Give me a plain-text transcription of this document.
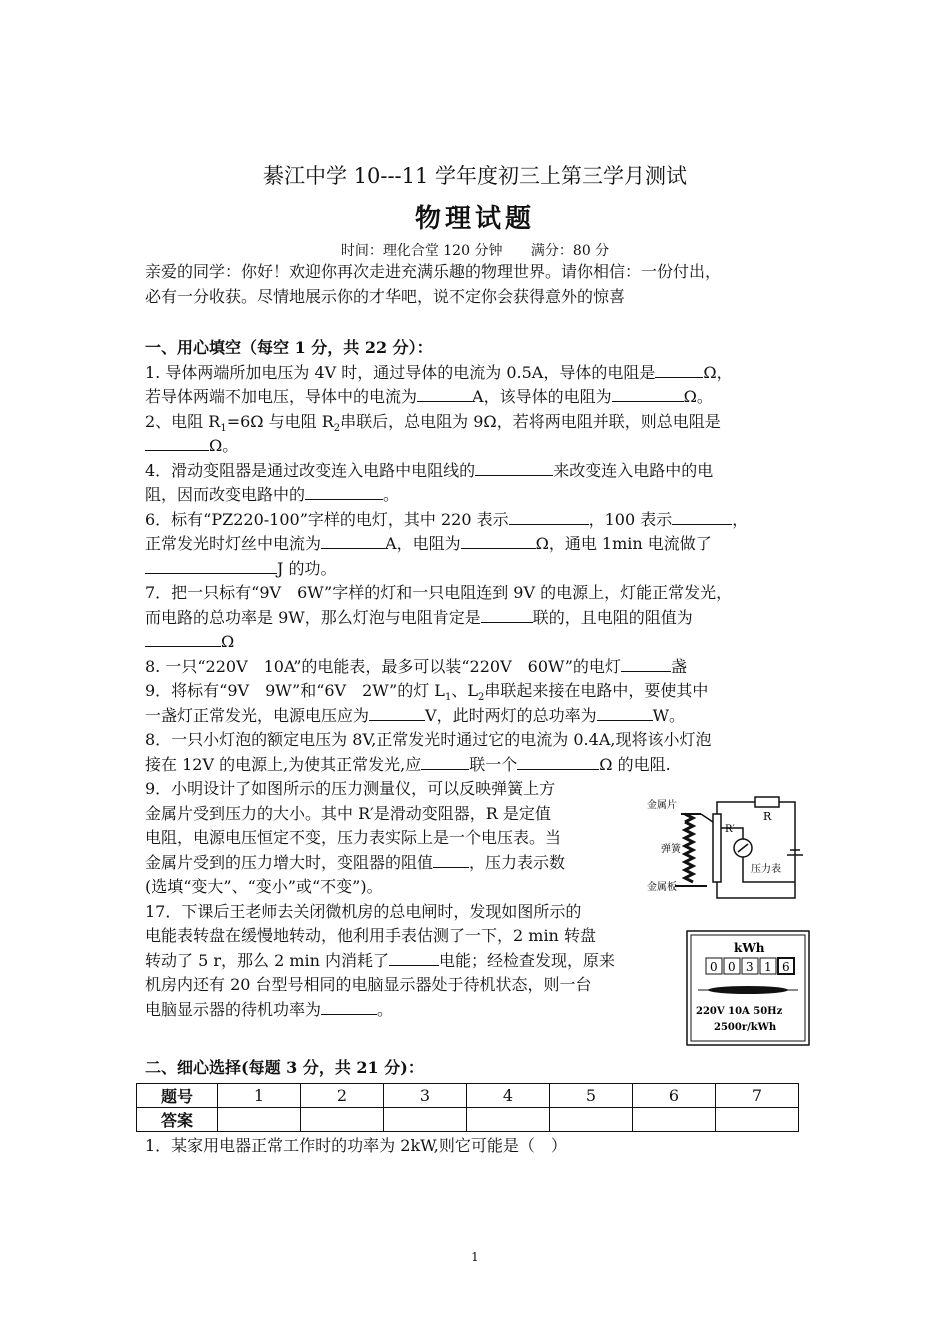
綦江中学 10---11 学年度初三上第三学月测试
物理试题
时间：理化合堂 120 分钟 满分：80 分
亲爱的同学：你好！欢迎你再次走进充满乐趣的物理世界。请你相信：一份付出，
必有一分收获。尽情地展示你的才华吧，说不定你会获得意外的惊喜
一、用心填空（每空 1 分，共 22 分）：
1. 导体两端所加电压为 4V 时，通过导体的电流为 0.5A，导体的电阻是	Ω，
若导体两端不加电压，导体中的电流为	A，该导体的电阻为	Ω。
2、电阻 $R_1=6\Omega$ 与电阻 $R_2$串联后，总电阻为 9Ω，若将两电阻并联，则总电阻是
Ω。
4．滑动变阻器是通过改变连入电路中电阻线的	来改变连入电路中的电
阻，因而改变电路中的	。
6．标有“PZ220-100”字样的电灯，其中 220 表示	，100 表示	，
正常发光时灯丝中电流为	A，电阻为	Ω，通电 1min 电流做了
J 的功。
7．把一只标有“9V　6W”字样的灯和一只电阻连到 9V 的电源上，灯能正常发光，
而电路的总功率是 9W，那么灯泡与电阻肯定是	联的，且电阻的阻值为
Ω
8. 一只“220V　10A”的电能表，最多可以装“220V　60W”的电灯	盏
9．将标有“9V　9W”和“6V　2W”的灯 $L_1$、$L_2$串联起来接在电路中，要使其中
一盏灯正常发光，电源电压应为	V，此时两灯的总功率为	W。
8．一只小灯泡的额定电压为 8V,正常发光时通过它的电流为 0.4A,现将该小灯泡
接在 12V 的电源上,为使其正常发光,应	联一个	Ω 的电阻.
9．小明设计了如图所示的压力测量仪，可以反映弹簧上方
金属片受到压力的大小。其中 R′是滑动变阻器，R 是定值
电阻，电源电压恒定不变，压力表实际上是一个电压表。当
金属片受到的压力增大时，变阻器的阻值 ，压力表示数
(选填“变大”、“变小”或“不变”)。
17．下课后王老师去关闭微机房的总电闸时，发现如图所示的
电能表转盘在缓慢地转动，他利用手表估测了一下，2 min 转盘
转动了 5 r，那么 2 min 内消耗了	电能；经检查发现，原来
机房内还有 20 台型号相同的电脑显示器处于待机状态，则一台
电脑显示器的待机功率为	。
金属片
弹簧
金属板
R
R′
压力表
kWh
0 0 3 1 6
220V 10A 50Hz
2500r/kWh
二、细心选择(每题 3 分，共 21 分)：
题号	1	2	3	4	5	6	7
答案							
1．某家用电器正常工作时的功率为 2kW,则它可能是（　）
1
